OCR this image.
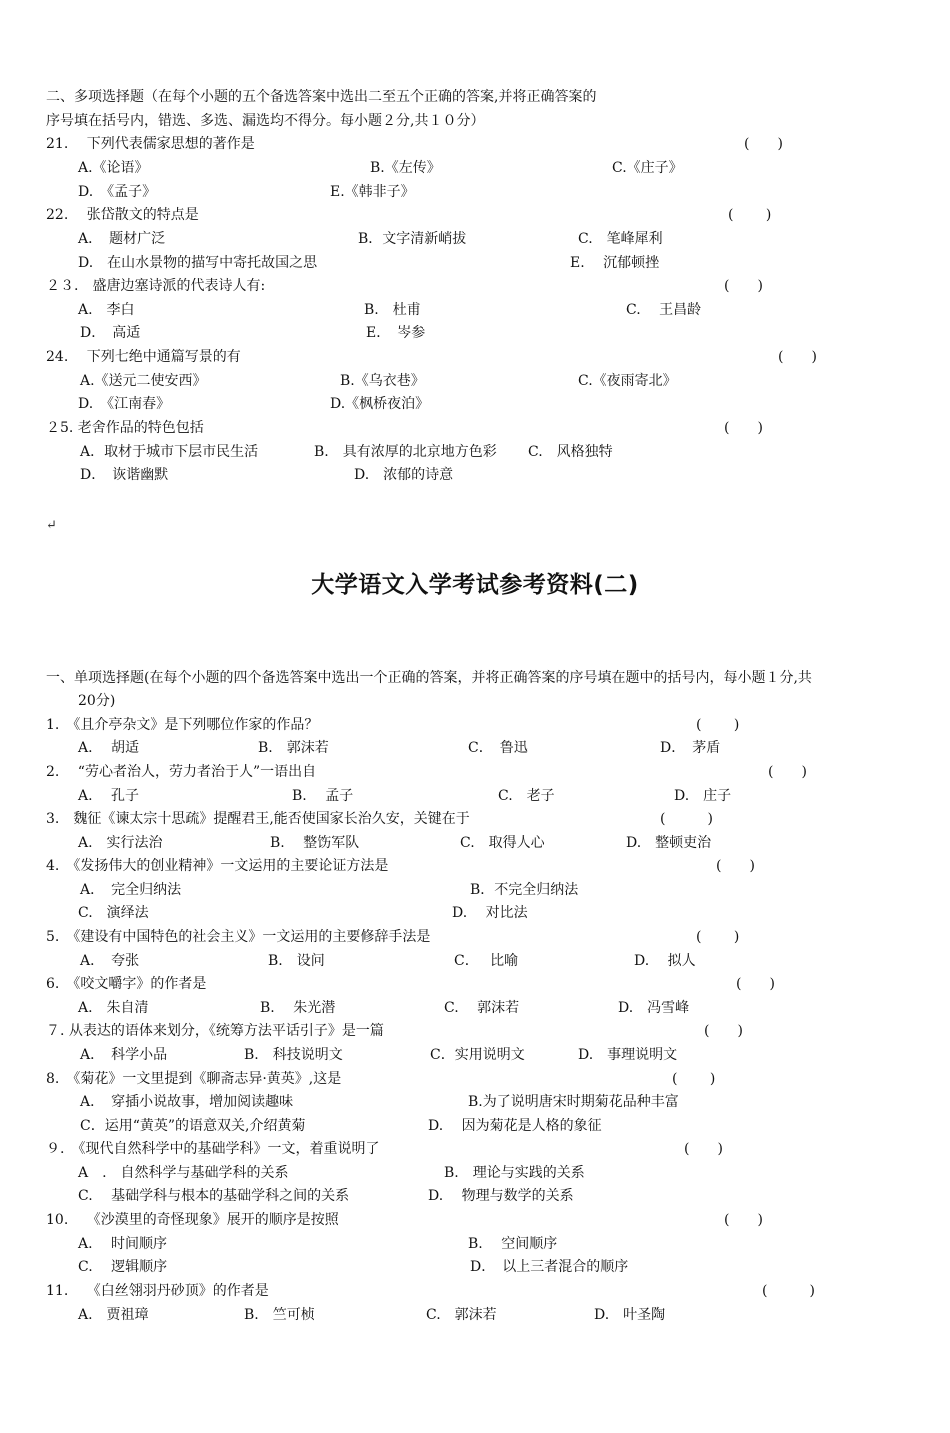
二、多项选择题（在每个小题的五个备选答案中选出二至五个正确的答案,并将正确答案的
序号填在括号内，错选、多选、漏选均不得分。每小题２分,共１０分）
21.　 下列代表儒家思想的著作是	(　　)
A.《论语》	B.《左传》	C.《庄子》
D.　《孟子》	E.《韩非子》
22.　 张岱散文的特点是	(　　 )
A．　题材广泛	B．文字清新峭拔	C.　笔峰犀利
D.　在山水景物的描写中寄托故国之思	E.　 沉郁顿挫
２３.　盛唐边塞诗派的代表诗人有:	(　　)
A.　李白	B.　杜甫	C.　 王昌龄
D．　高适	E．　岑参
24.　 下列七绝中通篇写景的有	(　　)
A.《送元二使安西》	B.《乌衣巷》	C.《夜雨寄北》
D.　《江南春》	D.《枫桥夜泊》
２5. 老舍作品的特色包括	(　　)
A．取材于城市下层市民生活	B.　具有浓厚的北京地方色彩 C.　风格独特
D．　诙谐幽默	D.　浓郁的诗意
↵
大学语文入学考试参考资料(二)
一、单项选择题(在每个小题的四个备选答案中选出一个正确的答案，并将正确答案的序号填在题中的括号内，每小题１分,共
20分)
1.　《且介亭杂文》是下列哪位作家的作品？	(　　 )
A.　 胡适	B.　郭沫若	C．　鲁迅	D．　茅盾
2.　 “劳心者治人，劳力者治于人”一语出自	(　　)
A.　 孔子	B.　 孟子	C.　老子	D.　庄子
3.　魏征《谏太宗十思疏》提醒君王,能否使国家长治久安，关键在于	(　　　)
A.　实行法治	B.　 整饬军队	C.　取得人心	D.　整顿吏治
4.　《发扬伟大的创业精神》一文运用的主要论证方法是	(　　)
A．　完全归纳法	B．不完全归纳法
C.　演绎法	D.　 对比法
5.　《建设有中国特色的社会主义》一文运用的主要修辞手法是	(　　 )
A．　夸张	B.　设问	C．　 比喻	D.　 拟人
6.　《咬文嚼字》的作者是	(　　)
A.　朱自清	B.　 朱光潜	C.　 郭沫若	D.　冯雪峰
７. 从表达的语体来划分，《统筹方法平话引子》是一篇	(　　)
A．　科学小品	B.　科技说明文	C．实用说明文	D.　事理说明文
8.　《菊花》一文里提到《聊斋志异·黄英》,这是	(　　 )
A．　穿插小说故事，增加阅读趣味	B.为了说明唐宋时期菊花品种丰富
C．运用“黄英”的语意双关,介绍黄菊	D.　 因为菊花是人格的象征
９.　《现代自然科学中的基础学科》一文，着重说明了	(　　)
A　.　自然科学与基础学科的关系	B.　理论与实践的关系
C.　 基础学科与根本的基础学科之间的关系	D.　 物理与数学的关系
10.　 《沙漠里的奇怪现象》展开的顺序是按照	(　　)
A.　 时间顺序	B.　 空间顺序
C.　 逻辑顺序	D．　以上三者混合的顺序
11.　 《白丝翎羽丹砂顶》的作者是	(　　　)
A.　贾祖璋	B.　竺可桢	C.　郭沫若	D.　叶圣陶
